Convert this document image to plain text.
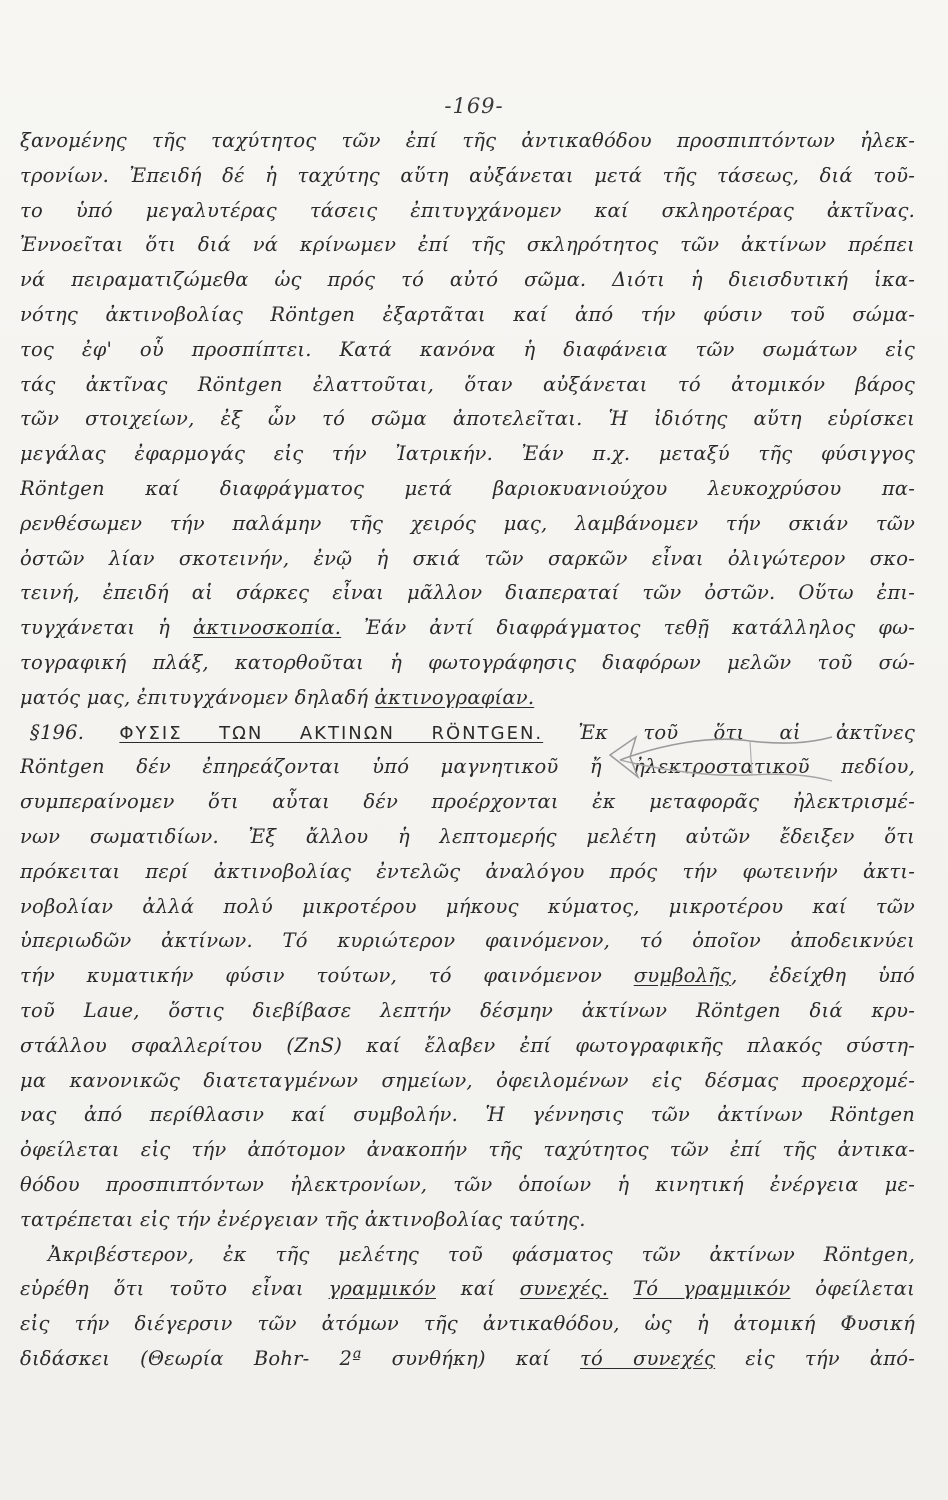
-169-
ξανομένης τῆς ταχύτητος τῶν ἐπί τῆς ἀντικαθόδου προσπιπτόντων ἠλεκ-
τρονίων. Ἐπειδή δέ ἡ ταχύτης αὕτη αὐξάνεται μετά τῆς τάσεως, διά τοῦ-
το ὑπό μεγαλυτέρας τάσεις ἐπιτυγχάνομεν καί σκληροτέρας ἀκτῖνας.
Ἐννοεῖται ὅτι διά νά κρίνωμεν ἐπί τῆς σκληρότητος τῶν ἀκτίνων πρέπει
νά πειραματιζώμεθα ὡς πρός τό αὐτό σῶμα. Διότι ἡ διεισδυτική ἱκα-
νότης ἀκτινοβολίας Röntgen ἐξαρτᾶται καί ἀπό τήν φύσιν τοῦ σώμα-
τος ἐφ' οὗ προσπίπτει. Κατά κανόνα ἡ διαφάνεια τῶν σωμάτων εἰς
τάς ἀκτῖνας Röntgen ἐλαττοῦται, ὅταν αὐξάνεται τό ἀτομικόν βάρος
τῶν στοιχείων, ἐξ ὧν τό σῶμα ἀποτελεῖται. Ἡ ἰδιότης αὕτη εὑρίσκει
μεγάλας ἐφαρμογάς εἰς τήν Ἰατρικήν. Ἐάν π.χ. μεταξύ τῆς φύσιγγος
Röntgen καί διαφράγματος μετά βαριοκυανιούχου λευκοχρύσου πα-
ρενθέσωμεν τήν παλάμην τῆς χειρός μας, λαμβάνομεν τήν σκιάν τῶν
ὀστῶν λίαν σκοτεινήν, ἐνῷ ἡ σκιά τῶν σαρκῶν εἶναι ὀλιγώτερον σκο-
τεινή, ἐπειδή αἱ σάρκες εἶναι μᾶλλον διαπεραταί τῶν ὀστῶν. Οὕτω ἐπι-
τυγχάνεται ἡ ἀκτινοσκοπία. Ἐάν ἀντί διαφράγματος τεθῇ κατάλληλος φω-
τογραφική πλάξ, κατορθοῦται ἡ φωτογράφησις διαφόρων μελῶν τοῦ σώ-
ματός μας, ἐπιτυγχάνομεν δηλαδή ἀκτινογραφίαν.
§196. ΦΥΣΙΣ ΤΩΝ ΑΚΤΙΝΩΝ RÖNTGEN. Ἐκ τοῦ ὅτι αἱ ἀκτῖνες
Röntgen δέν ἐπηρεάζονται ὑπό μαγνητικοῦ ἤ ἠλεκτροστατικοῦ πεδίου,
συμπεραίνομεν ὅτι αὗται δέν προέρχονται ἐκ μεταφορᾶς ἠλεκτρισμέ-
νων σωματιδίων. Ἐξ ἄλλου ἡ λεπτομερής μελέτη αὐτῶν ἔδειξεν ὅτι
πρόκειται περί ἀκτινοβολίας ἐντελῶς ἀναλόγου πρός τήν φωτεινήν ἀκτι-
νοβολίαν ἀλλά πολύ μικροτέρου μήκους κύματος, μικροτέρου καί τῶν
ὑπεριωδῶν ἀκτίνων. Τό κυριώτερον φαινόμενον, τό ὁποῖον ἀποδεικνύει
τήν κυματικήν φύσιν τούτων, τό φαινόμενον συμβολῆς, ἐδείχθη ὑπό
τοῦ Laue, ὅστις διεβίβασε λεπτήν δέσμην ἀκτίνων Röntgen διά κρυ-
στάλλου σφαλλερίτου (ZnS) καί ἔλαβεν ἐπί φωτογραφικῆς πλακός σύστη-
μα κανονικῶς διατεταγμένων σημείων, ὀφειλομένων εἰς δέσμας προερχομέ-
νας ἀπό περίθλασιν καί συμβολήν. Ἡ γέννησις τῶν ἀκτίνων Röntgen
ὀφείλεται εἰς τήν ἀπότομον ἀνακοπήν τῆς ταχύτητος τῶν ἐπί τῆς ἀντικα-
θόδου προσπιπτόντων ἠλεκτρονίων, τῶν ὁποίων ἡ κινητική ἐνέργεια με-
τατρέπεται εἰς τήν ἐνέργειαν τῆς ἀκτινοβολίας ταύτης.
Ἀκριβέστερον, ἐκ τῆς μελέτης τοῦ φάσματος τῶν ἀκτίνων Röntgen,
εὑρέθη ὅτι τοῦτο εἶναι γραμμικόν καί συνεχές. Τό γραμμικόν ὀφείλεται
εἰς τήν διέγερσιν τῶν ἀτόμων τῆς ἀντικαθόδου, ὡς ἡ ἀτομική Φυσική
διδάσκει (Θεωρία Bohr- 2ª συνθήκη) καί τό συνεχές εἰς τήν ἀπό-
